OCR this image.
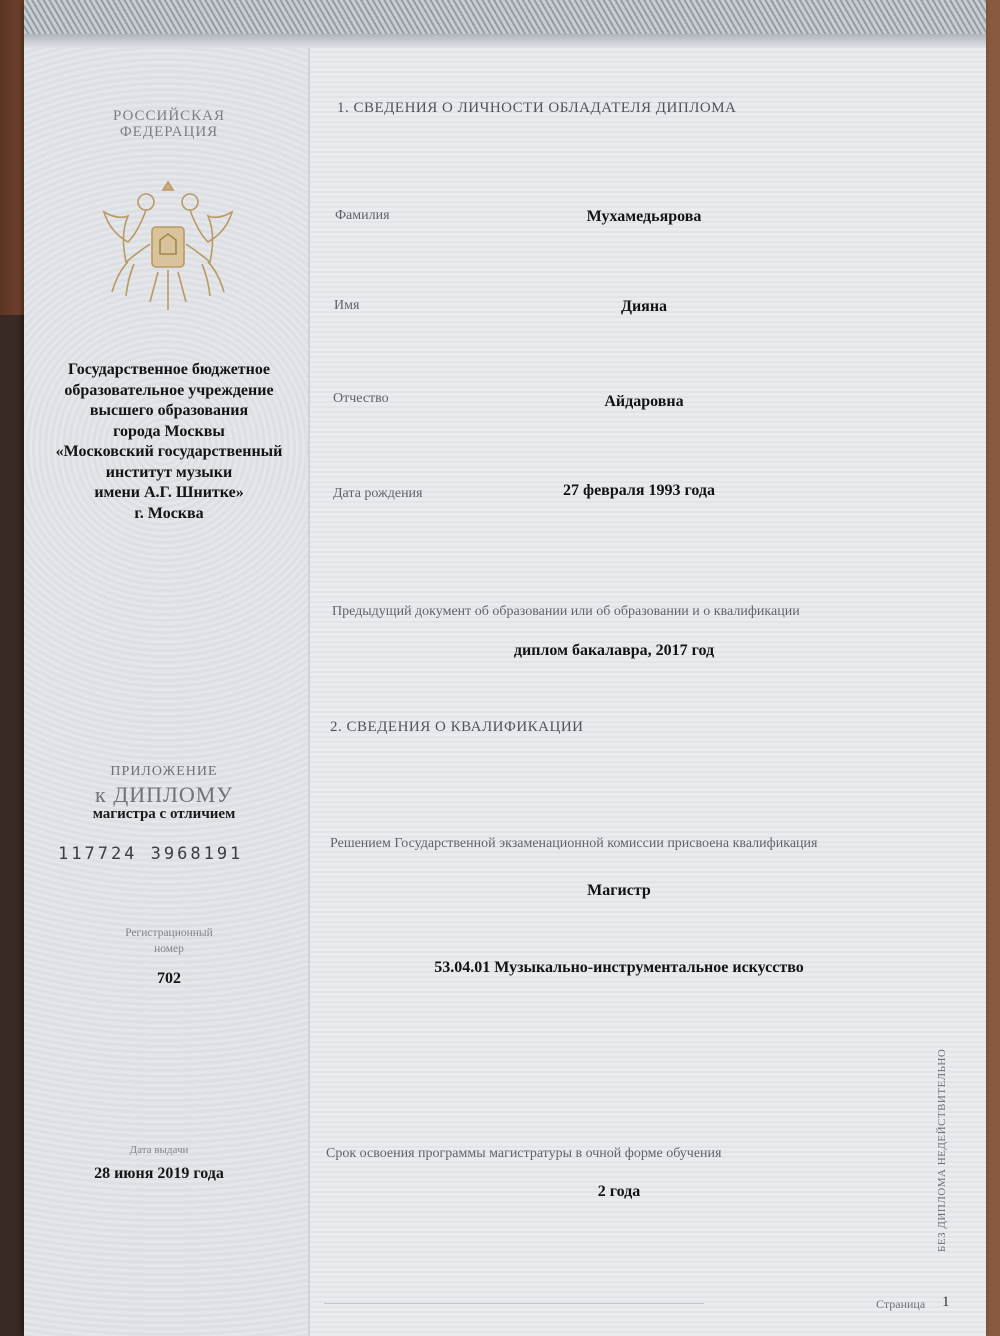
РОССИЙСКАЯ
ФЕДЕРАЦИЯ
Государственное бюджетное
образовательное учреждение
высшего образования
города Москвы
«Московский государственный
институт музыки
имени А.Г. Шнитке»
г. Москва
ПРИЛОЖЕНИЕ
к ДИПЛОМУ
магистра с отличием
117724 3968191
Регистрационный
номер
702
Дата выдачи
28 июня 2019 года
1. СВЕДЕНИЯ О ЛИЧНОСТИ ОБЛАДАТЕЛЯ ДИПЛОМА
Фамилия	Мухамедьярова
Имя	Дияна
Отчество	Айдаровна
Дата рождения	27 февраля 1993 года
Предыдущий документ об образовании или об образовании и о квалификации
диплом бакалавра, 2017 год
2. СВЕДЕНИЯ О КВАЛИФИКАЦИИ
Решением Государственной экзаменационной комиссии присвоена квалификация
Магистр
53.04.01 Музыкально-инструментальное искусство
Срок освоения программы магистратуры в очной форме обучения
2 года	БЕЗ ДИПЛОМА НЕДЕЙСТВИТЕЛЬНО
Страница 1
